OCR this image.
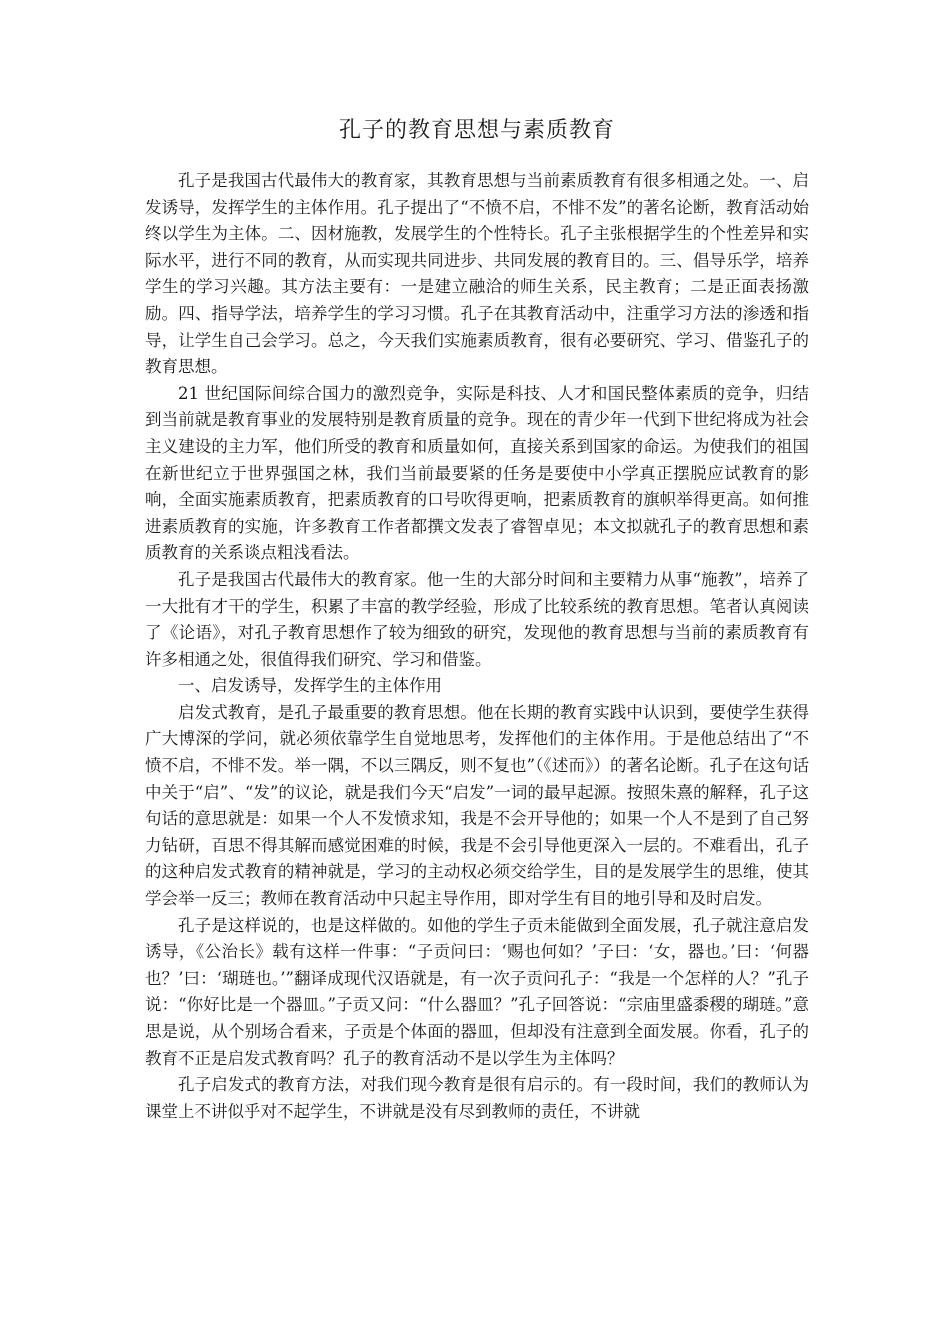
孔子的教育思想与素质教育

孔子是我国古代最伟大的教育家，其教育思想与当前素质教育有很多相通之处。一、启发诱导，发挥学生的主体作用。孔子提出了“不愤不启，不悱不发”的著名论断，教育活动始终以学生为主体。二、因材施教，发展学生的个性特长。孔子主张根据学生的个性差异和实际水平，进行不同的教育，从而实现共同进步、共同发展的教育目的。三、倡导乐学，培养学生的学习兴趣。其方法主要有：一是建立融洽的师生关系，民主教育；二是正面表扬激励。四、指导学法，培养学生的学习习惯。孔子在其教育活动中，注重学习方法的渗透和指导，让学生自己会学习。总之，今天我们实施素质教育，很有必要研究、学习、借鉴孔子的教育思想。

21 世纪国际间综合国力的激烈竞争，实际是科技、人才和国民整体素质的竞争，归结到当前就是教育事业的发展特别是教育质量的竞争。现在的青少年一代到下世纪将成为社会主义建设的主力军，他们所受的教育和质量如何，直接关系到国家的命运。为使我们的祖国在新世纪立于世界强国之林，我们当前最要紧的任务是要使中小学真正摆脱应试教育的影响，全面实施素质教育，把素质教育的口号吹得更响，把素质教育的旗帜举得更高。如何推进素质教育的实施，许多教育工作者都撰文发表了睿智卓见；本文拟就孔子的教育思想和素质教育的关系谈点粗浅看法。

孔子是我国古代最伟大的教育家。他一生的大部分时间和主要精力从事“施教”，培养了一大批有才干的学生，积累了丰富的教学经验，形成了比较系统的教育思想。笔者认真阅读了《论语》，对孔子教育思想作了较为细致的研究，发现他的教育思想与当前的素质教育有许多相通之处，很值得我们研究、学习和借鉴。

一、启发诱导，发挥学生的主体作用

启发式教育，是孔子最重要的教育思想。他在长期的教育实践中认识到，要使学生获得广大博深的学问，就必须依靠学生自觉地思考，发挥他们的主体作用。于是他总结出了“不愤不启，不悱不发。举一隅，不以三隅反，则不复也”（《述而》）的著名论断。孔子在这句话中关于“启”、“发”的议论，就是我们今天“启发”一词的最早起源。按照朱熹的解释，孔子这句话的意思就是：如果一个人不发愤求知，我是不会开导他的；如果一个人不是到了自己努力钻研，百思不得其解而感觉困难的时候，我是不会引导他更深入一层的。不难看出，孔子的这种启发式教育的精神就是，学习的主动权必须交给学生，目的是发展学生的思维，使其学会举一反三；教师在教育活动中只起主导作用，即对学生有目的地引导和及时启发。

孔子是这样说的，也是这样做的。如他的学生子贡未能做到全面发展，孔子就注意启发诱导，《公治长》载有这样一件事：“子贡问曰：‘赐也何如？’子曰：‘女，器也。’曰：‘何器也？’曰：‘瑚琏也。’”翻译成现代汉语就是，有一次子贡问孔子：“我是一个怎样的人？”孔子说：“你好比是一个器皿。”子贡又问：“什么器皿？”孔子回答说：“宗庙里盛黍稷的瑚琏。”意思是说，从个别场合看来，子贡是个体面的器皿，但却没有注意到全面发展。你看，孔子的教育不正是启发式教育吗？孔子的教育活动不是以学生为主体吗？

孔子启发式的教育方法，对我们现今教育是很有启示的。有一段时间，我们的教师认为课堂上不讲似乎对不起学生，不讲就是没有尽到教师的责任，不讲就
